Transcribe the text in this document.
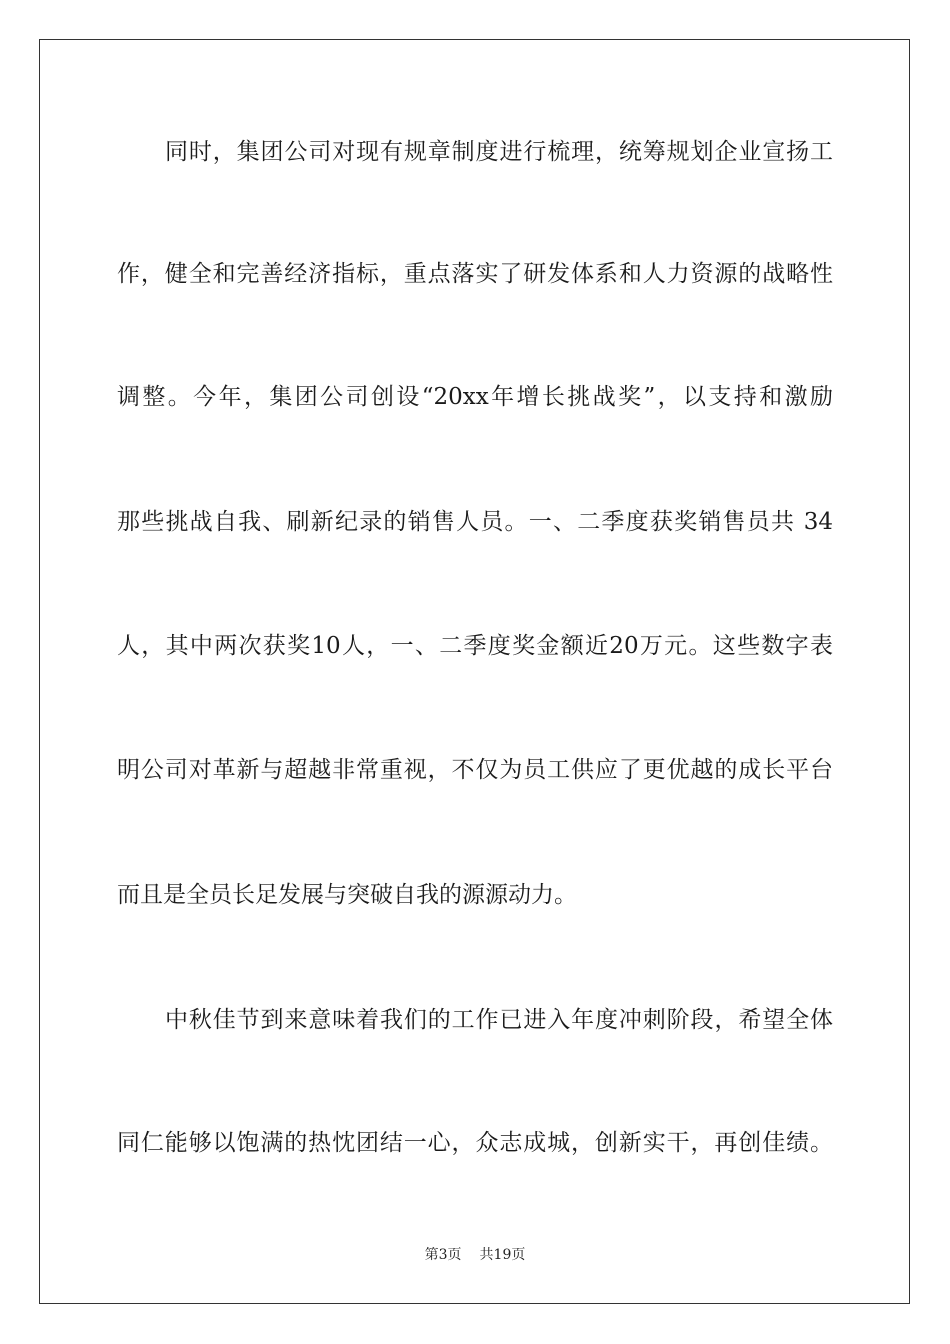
同时，集团公司对现有规章制度进行梳理，统筹规划企业宣扬工
作，健全和完善经济指标，重点落实了研发体系和人力资源的战略性
调整。今年，集团公司创设“20xx年增长挑战奖”，以支持和激励
那些挑战自我、刷新纪录的销售人员。一、二季度获奖销售员共 34
人，其中两次获奖10人，一、二季度奖金额近20万元。这些数字表
明公司对革新与超越非常重视，不仅为员工供应了更优越的成长平台
而且是全员长足发展与突破自我的源源动力。
中秋佳节到来意味着我们的工作已进入年度冲刺阶段，希望全体
同仁能够以饱满的热忱团结一心，众志成城，创新实干，再创佳绩。
第3页 共19页
